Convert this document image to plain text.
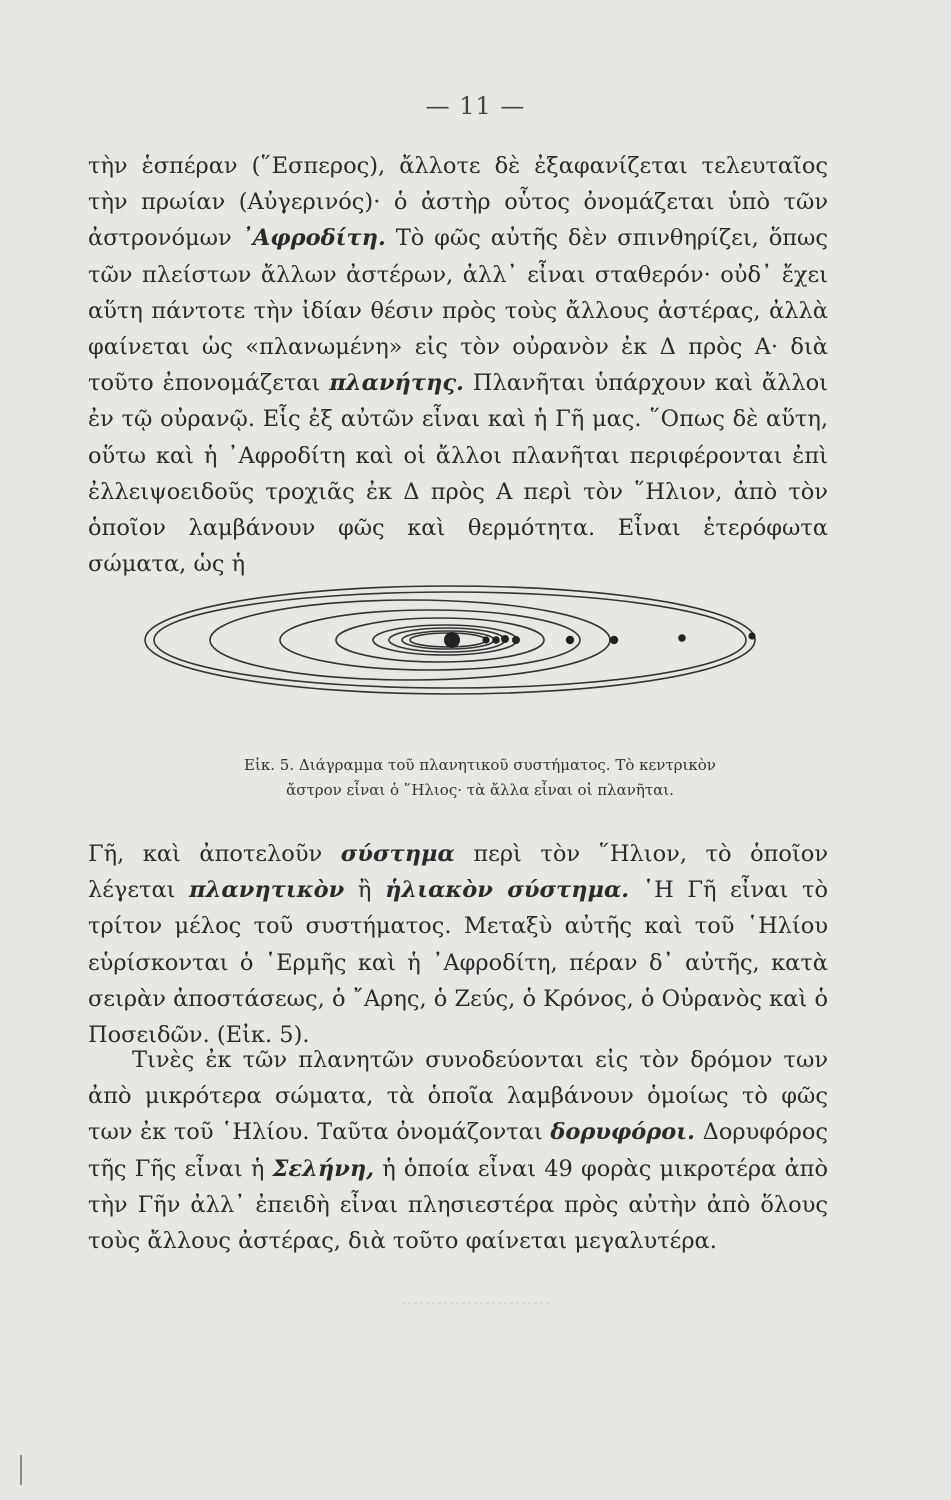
— 11 —

τὴν ἑσπέραν (῞Εσπερος), ἄλλοτε δὲ ἐξαφανίζεται τελευταῖος τὴν πρωίαν (Αὐγερινός)· ὁ ἀστὴρ οὗτος ὀνομάζεται ὑπὸ τῶν ἀστρονόμων ᾿Αφροδίτη. Τὸ φῶς αὐτῆς δὲν σπινθηρίζει, ὅπως τῶν πλείστων ἄλλων ἀστέρων, ἀλλ᾿ εἶναι σταθερόν· οὐδ᾿ ἔχει αὕτη πάντοτε τὴν ἰδίαν θέσιν πρὸς τοὺς ἄλλους ἀστέρας, ἀλλὰ φαίνεται ὡς «πλανωμένη» εἰς τὸν οὐρανὸν ἐκ Δ πρὸς Α· διὰ τοῦτο ἐπονομάζεται πλανήτης. Πλανῆται ὑπάρχουν καὶ ἄλλοι ἐν τῷ οὐρανῷ. Εἷς ἐξ αὐτῶν εἶναι καὶ ἡ Γῆ μας. ῞Οπως δὲ αὕτη, οὕτω καὶ ἡ ᾿Αφροδίτη καὶ οἱ ἄλλοι πλανῆται περιφέρονται ἐπὶ ἐλλειψοειδοῦς τροχιᾶς ἐκ Δ πρὸς Α περὶ τὸν ῞Ηλιον, ἀπὸ τὸν ὁποῖον λαμβάνουν φῶς καὶ θερμότητα. Εἶναι ἑτερόφωτα σώματα, ὡς ἡ

Εἰκ. 5. Διάγραμμα τοῦ πλανητικοῦ συστήματος. Τὸ κεντρικὸν
ἄστρον εἶναι ὁ ῞Ηλιος· τὰ ἄλλα εἶναι οἱ πλανῆται.

Γῆ, καὶ ἀποτελοῦν σύστημα περὶ τὸν ῞Ηλιον, τὸ ὁποῖον λέγεται πλανητικὸν ἢ ἡλιακὸν σύστημα. ῾Η Γῆ εἶναι τὸ τρίτον μέλος τοῦ συστήματος. Μεταξὺ αὐτῆς καὶ τοῦ ῾Ηλίου εὑρίσκονται ὁ ῾Ερμῆς καὶ ἡ ᾿Αφροδίτη, πέραν δ᾿ αὐτῆς, κατὰ σειρὰν ἀποστάσεως, ὁ ῎Αρης, ὁ Ζεύς, ὁ Κρόνος, ὁ Οὐρανὸς καὶ ὁ Ποσειδῶν. (Εἰκ. 5).

Τινὲς ἐκ τῶν πλανητῶν συνοδεύονται εἰς τὸν δρόμον των ἀπὸ μικρότερα σώματα, τὰ ὁποῖα λαμβάνουν ὁμοίως τὸ φῶς των ἐκ τοῦ ῾Ηλίου. Ταῦτα ὀνομάζονται δορυφόροι. Δορυφόρος τῆς Γῆς εἶναι ἡ Σελήνη, ἡ ὁποία εἶναι 49 φορὰς μικροτέρα ἀπὸ τὴν Γῆν ἀλλ᾿ ἐπειδὴ εἶναι πλησιεστέρα πρὸς αὐτὴν ἀπὸ ὅλους τοὺς ἄλλους ἀστέρας, διὰ τοῦτο φαίνεται μεγαλυτέρα.
